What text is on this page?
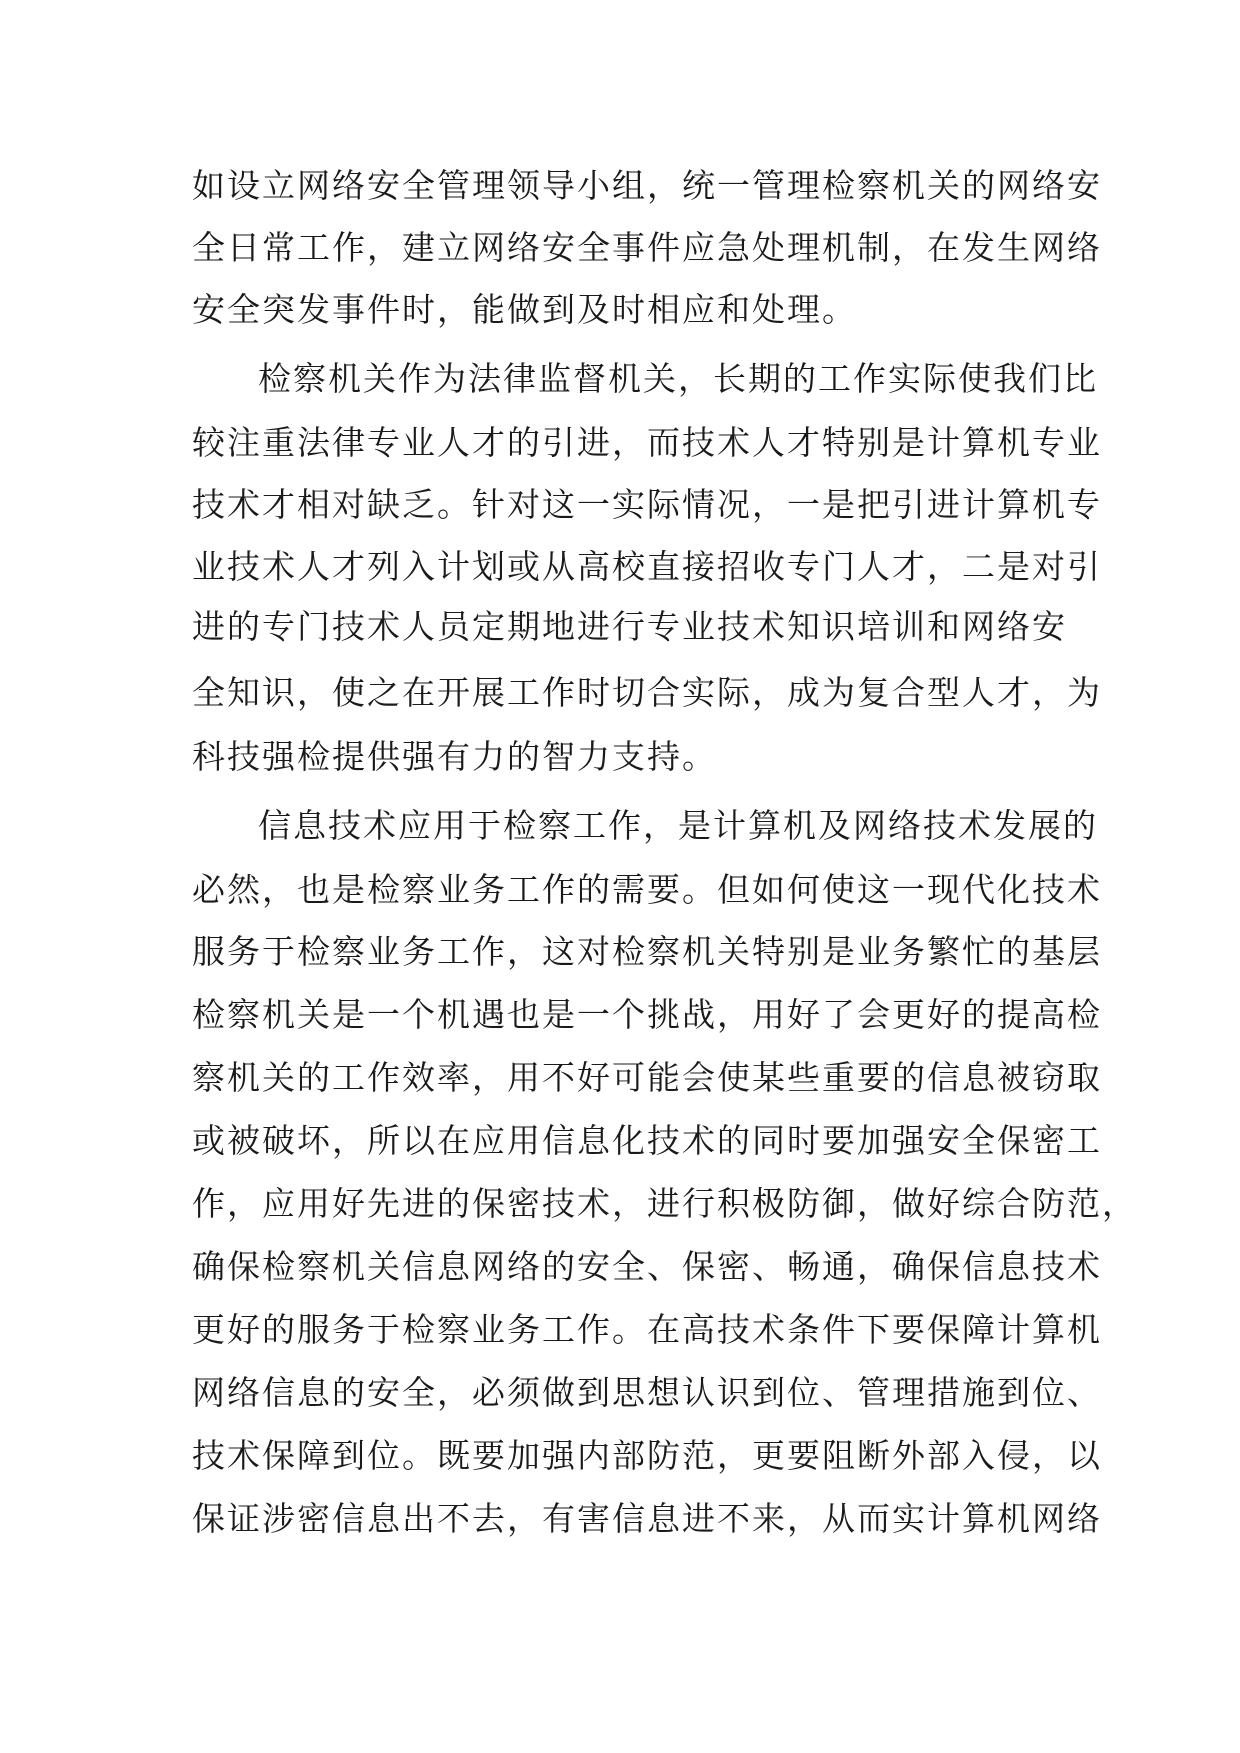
如设立网络安全管理领导小组，统一管理检察机关的网络安
全日常工作，建立网络安全事件应急处理机制，在发生网络
安全突发事件时，能做到及时相应和处理。
检察机关作为法律监督机关，长期的工作实际使我们比
较注重法律专业人才的引进，而技术人才特别是计算机专业
技术才相对缺乏。针对这一实际情况，一是把引进计算机专
业技术人才列入计划或从高校直接招收专门人才，二是对引
进的专门技术人员定期地进行专业技术知识培训和网络安
全知识，使之在开展工作时切合实际，成为复合型人才，为
科技强检提供强有力的智力支持。
信息技术应用于检察工作，是计算机及网络技术发展的
必然，也是检察业务工作的需要。但如何使这一现代化技术
服务于检察业务工作，这对检察机关特别是业务繁忙的基层
检察机关是一个机遇也是一个挑战，用好了会更好的提高检
察机关的工作效率，用不好可能会使某些重要的信息被窃取
或被破坏，所以在应用信息化技术的同时要加强安全保密工
作，应用好先进的保密技术，进行积极防御，做好综合防范，
确保检察机关信息网络的安全、保密、畅通，确保信息技术
更好的服务于检察业务工作。在高技术条件下要保障计算机
网络信息的安全，必须做到思想认识到位、管理措施到位、
技术保障到位。既要加强内部防范，更要阻断外部入侵，以
保证涉密信息出不去，有害信息进不来，从而实计算机网络
